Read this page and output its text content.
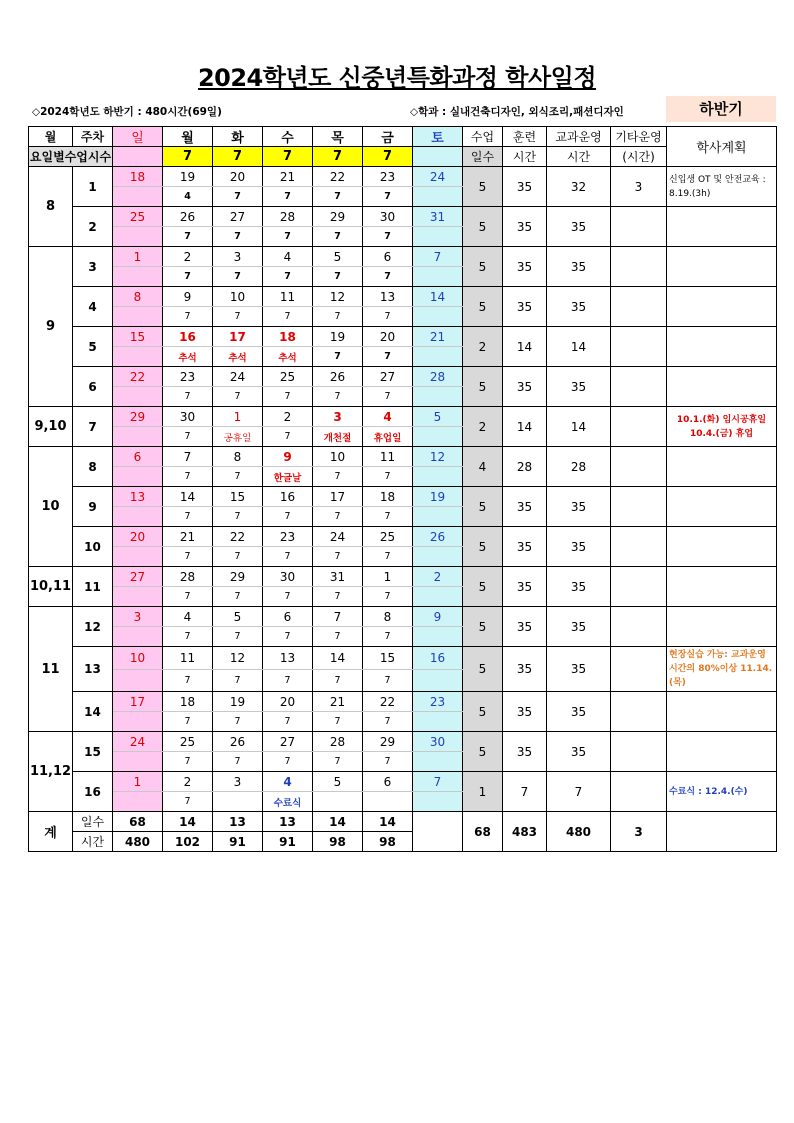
2024학년도 신중년특화과정 학사일정
◇2024학년도 하반기 : 480시간(69일)	◇학과 : 실내건축디자인, 외식조리,패션디자인	하반기
월	주차	일	월	화	수	목	금	토	수업	훈련	교과운영	기타운영	학사계획
요일별수업시수			7	7	7	7	7		일수	시간	시간	(시간)	
8	1	18	19	20	21	22	23	24	5	35	32	3	신입생 OT 및 안전교육 : 8.19.(3h)
			4	7	7	7	7						
	2	25	26	27	28	29	30	31	5	35	35		
			7	7	7	7	7						
9	3	1	2	3	4	5	6	7	5	35	35		
			7	7	7	7	7						
	4	8	9	10	11	12	13	14	5	35	35		
			7	7	7	7	7						
	5	15	16	17	18	19	20	21	2	14	14		
			추석	추석	추석	7	7						
	6	22	23	24	25	26	27	28	5	35	35		
			7	7	7	7	7						
9,10	7	29	30	1	2	3	4	5	2	14	14		10.1.(화) 임시공휴일 10.4.(금) 휴업
			7	공휴일	7	개천절	휴업일						
10	8	6	7	8	9	10	11	12	4	28	28		
			7	7	한글날	7	7						
	9	13	14	15	16	17	18	19	5	35	35		
			7	7	7	7	7						
	10	20	21	22	23	24	25	26	5	35	35		
			7	7	7	7	7						
10,11	11	27	28	29	30	31	1	2	5	35	35		
			7	7	7	7	7						
11	12	3	4	5	6	7	8	9	5	35	35		
			7	7	7	7	7						
	13	10	11	12	13	14	15	16	5	35	35		현장실습 가능: 교과운영시간의 80%이상 11.14.(목)
			7	7	7	7	7						
	14	17	18	19	20	21	22	23	5	35	35		
			7	7	7	7	7						
11,12	15	24	25	26	27	28	29	30	5	35	35		
			7	7	7	7	7						
	16	1	2	3	4	5	6	7	1	7	7		수료식 : 12.4.(수)
			7		수료식								
계	일수	68	14	13	13	14	14		68	483	480	3	
	시간	480	102	91	91	98	98						
